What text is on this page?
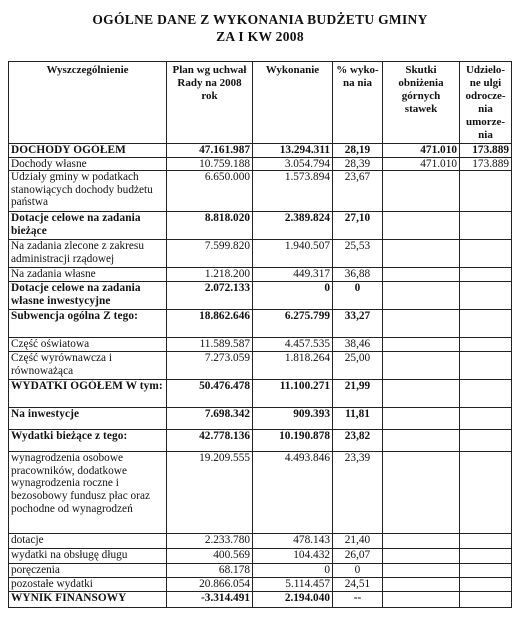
OGÓLNE DANE Z WYKONANIA BUDŻETU GMINY
ZA I KW 2008
Wyszczególnienie	Plan wg uchwał Rady na 2008 rok	Wykonanie	% wyko-na nia	Skutki obniżenia górnych stawek	Udzielo-ne ulgi odrocze-nia umorze-nia
DOCHODY OGÓŁEM	47.161.987	13.294.311	28,19	471.010	173.889
Dochody własne	10.759.188	3.054.794	28,39	471.010	173.889
Udziały gminy w podatkach stanowiących dochody budżetu państwa	6.650.000	1.573.894	23,67		
Dotacje celowe na zadania bieżące	8.818.020	2.389.824	27,10		
Na zadania zlecone z zakresu administracji rządowej	7.599.820	1.940.507	25,53		
Na zadania własne	1.218.200	449.317	36,88		
Dotacje celowe na zadania własne inwestycyjne	2.072.133	0	0		
Subwencja ogólna Z tego:	18.862.646	6.275.799	33,27		
Część oświatowa	11.589.587	4.457.535	38,46		
Część wyrównawcza i równoważąca	7.273.059	1.818.264	25,00		
WYDATKI OGÓŁEM W tym:	50.476.478	11.100.271	21,99		
Na inwestycje	7.698.342	909.393	11,81		
Wydatki bieżące z tego:	42.778.136	10.190.878	23,82		
wynagrodzenia osobowe pracowników, dodatkowe wynagrodzenia roczne i bezosobowy fundusz płac oraz pochodne od wynagrodzeń	19.209.555	4.493.846	23,39		
dotacje	2.233.780	478.143	21,40		
wydatki na obsługę długu	400.569	104.432	26,07		
poręczenia	68.178	0	0		
pozostałe wydatki	20.866.054	5.114.457	24,51		
WYNIK FINANSOWY	-3.314.491	2.194.040	--		
